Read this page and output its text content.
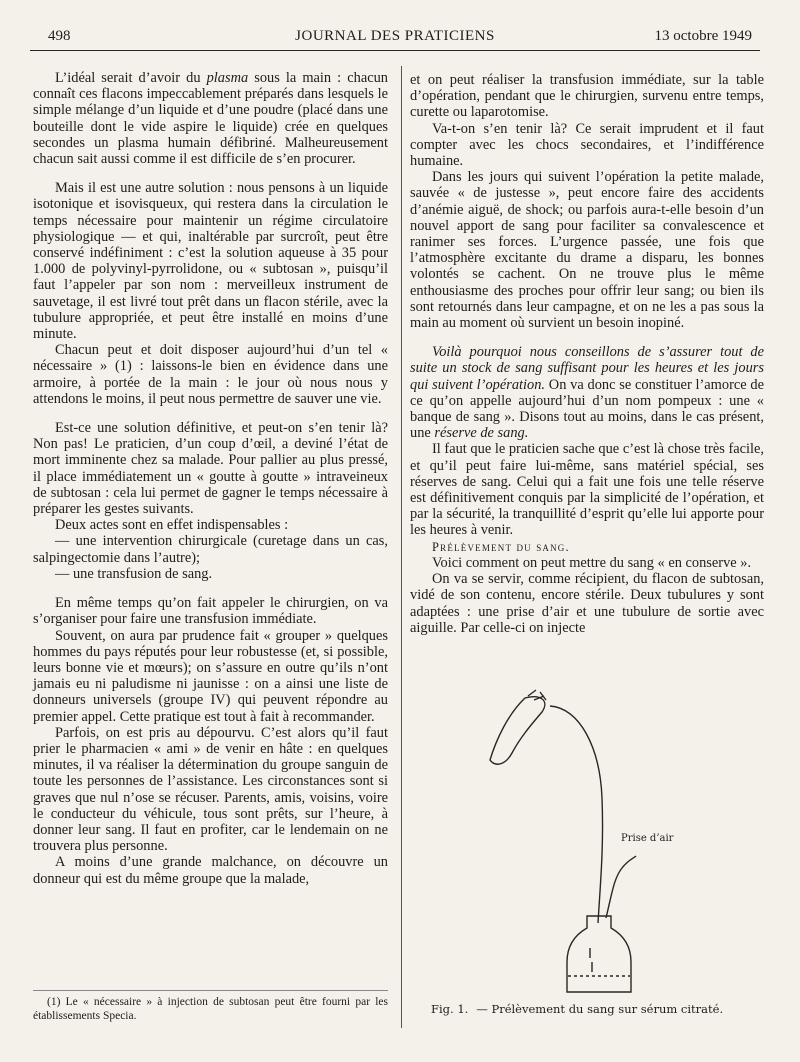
498	JOURNAL DES PRATICIENS	13 octobre 1949

L’idéal serait d’avoir du plasma sous la main : chacun connaît ces flacons impeccablement préparés dans lesquels le simple mélange d’un liquide et d’une poudre (placé dans une bouteille dont le vide aspire le liquide) crée en quelques secondes un plasma humain défibriné. Malheureusement chacun sait aussi comme il est difficile de s’en procurer.

Mais il est une autre solution : nous pensons à un liquide isotonique et isovisqueux, qui restera dans la circulation le temps nécessaire pour maintenir un régime circulatoire physiologique — et qui, inaltérable par surcroît, peut être conservé indéfiniment : c’est la solution aqueuse à 35 pour 1.000 de polyvinyl-pyrrolidone, ou « subtosan », puisqu’il faut l’appeler par son nom : merveilleux instrument de sauvetage, il est livré tout prêt dans un flacon stérile, avec la tubulure appropriée, et peut être installé en moins d’une minute.

Chacun peut et doit disposer aujourd’hui d’un tel « nécessaire » (1) : laissons-le bien en évidence dans une armoire, à portée de la main : le jour où nous nous y attendons le moins, il peut nous permettre de sauver une vie.

Est-ce une solution définitive, et peut-on s’en tenir là? Non pas! Le praticien, d’un coup d’œil, a deviné l’état de mort imminente chez sa malade. Pour pallier au plus pressé, il place immédiatement un « goutte à goutte » intraveineux de subtosan : cela lui permet de gagner le temps nécessaire à préparer les gestes suivants.

Deux actes sont en effet indispensables :

— une intervention chirurgicale (curetage dans un cas, salpingectomie dans l’autre);

— une transfusion de sang.

En même temps qu’on fait appeler le chirurgien, on va s’organiser pour faire une transfusion immédiate.

Souvent, on aura par prudence fait « grouper » quelques hommes du pays réputés pour leur robustesse (et, si possible, leurs bonne vie et mœurs); on s’assure en outre qu’ils n’ont jamais eu ni paludisme ni jaunisse : on a ainsi une liste de donneurs universels (groupe IV) qui peuvent répondre au premier appel. Cette pratique est tout à fait à recommander.

Parfois, on est pris au dépourvu. C’est alors qu’il faut prier le pharmacien « ami » de venir en hâte : en quelques minutes, il va réaliser la détermination du groupe sanguin de toute les personnes de l’assistance. Les circonstances sont si graves que nul n’ose se récuser. Parents, amis, voisins, voire le conducteur du véhicule, tous sont prêts, sur l’heure, à donner leur sang. Il faut en profiter, car le lendemain on ne trouvera plus personne.

A moins d’une grande malchance, on découvre un donneur qui est du même groupe que la malade,

(1) Le « nécessaire » à injection de subtosan peut être fourni par les établissements Specia.

et on peut réaliser la transfusion immédiate, sur la table d’opération, pendant que le chirurgien, survenu entre temps, curette ou laparotomise.

Va-t-on s’en tenir là? Ce serait imprudent et il faut compter avec les chocs secondaires, et l’indifférence humaine.

Dans les jours qui suivent l’opération la petite malade, sauvée « de justesse », peut encore faire des accidents d’anémie aiguë, de shock; ou parfois aura-t-elle besoin d’un nouvel apport de sang pour faciliter sa convalescence et ranimer ses forces. L’urgence passée, une fois que l’atmosphère excitante du drame a disparu, les bonnes volontés se cachent. On ne trouve plus le même enthousiasme des proches pour offrir leur sang; ou bien ils sont retournés dans leur campagne, et on ne les a pas sous la main au moment où survient un besoin inopiné.

Voilà pourquoi nous conseillons de s’assurer tout de suite un stock de sang suffisant pour les heures et les jours qui suivent l’opération. On va donc se constituer l’amorce de ce qu’on appelle aujourd’hui d’un nom pompeux : une « banque de sang ». Disons tout au moins, dans le cas présent, une réserve de sang.

Il faut que le praticien sache que c’est là chose très facile, et qu’il peut faire lui-même, sans matériel spécial, ses réserves de sang. Celui qui a fait une fois une telle réserve est définitivement conquis par la simplicité de l’opération, et par la sécurité, la tranquillité d’esprit qu’elle lui apporte pour les heures à venir.

Prélèvement du sang.

Voici comment on peut mettre du sang « en conserve ».

On va se servir, comme récipient, du flacon de subtosan, vidé de son contenu, encore stérile. Deux tubulures y sont adaptées : une prise d’air et une tubulure de sortie avec aiguille. Par celle-ci on injecte

Prise d’air
Fig. 1. — Prélèvement du sang sur sérum citraté.
